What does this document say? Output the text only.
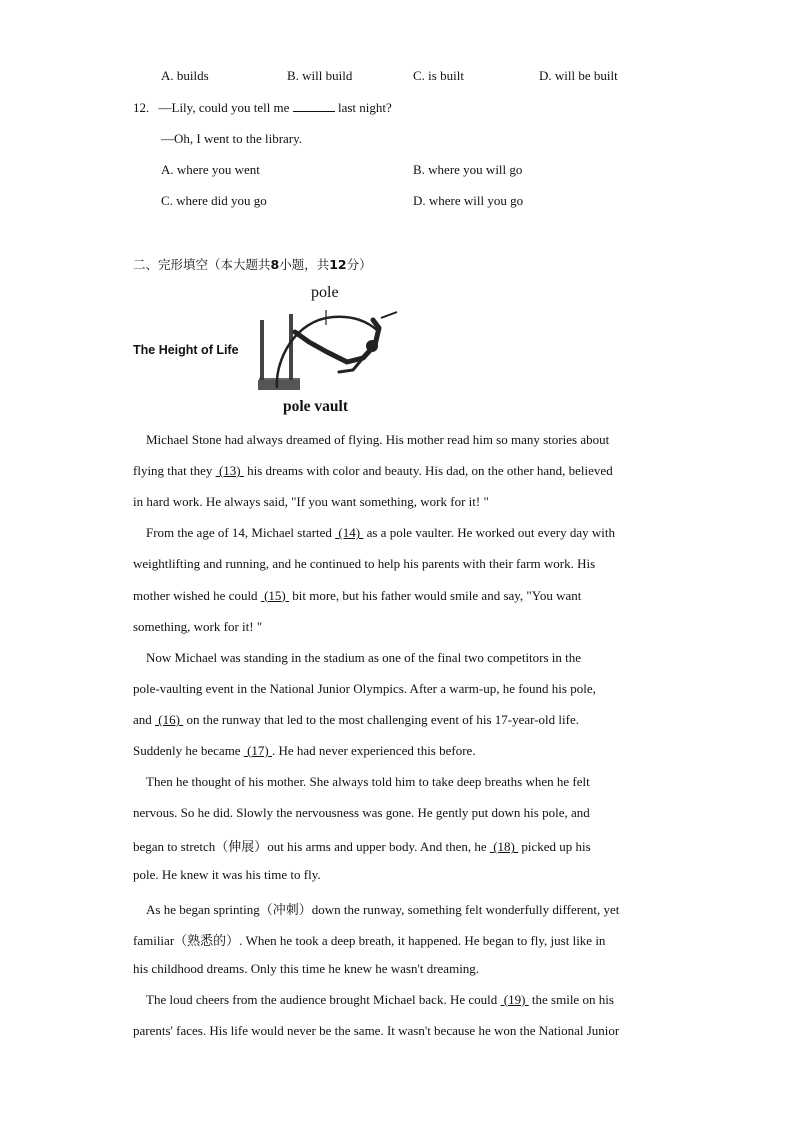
A. builds	B. will build	C. is built	D. will be built
12. —Lily, could you tell me	last night?
—Oh, I went to the library.
A. where you went	B. where you will go
C. where did you go	D. where will you go
二、完形填空（本大题共8小题，共12分）
The Height of Life
pole
pole vault
Michael Stone had always dreamed of flying. His mother read him so many stories about
flying that they  (13)  his dreams with color and beauty. His dad, on the other hand, believed
in hard work. He always said, "If you want something, work for it! "
From the age of 14, Michael started  (14)  as a pole vaulter. He worked out every day with
weightlifting and running, and he continued to help his parents with their farm work. His
mother wished he could  (15)  bit more, but his father would smile and say, "You want
something, work for it! "
Now Michael was standing in the stadium as one of the final two competitors in the
pole-vaulting event in the National Junior Olympics. After a warm-up, he found his pole,
and  (16)  on the runway that led to the most challenging event of his 17-year-old life.
Suddenly he became  (17) . He had never experienced this before.
Then he thought of his mother. She always told him to take deep breaths when he felt
nervous. So he did. Slowly the nervousness was gone. He gently put down his pole, and
began to stretch（伸展）out his arms and upper body. And then, he  (18)  picked up his
pole. He knew it was his time to fly.
As he began sprinting（冲刺）down the runway, something felt wonderfully different, yet
familiar（熟悉的）. When he took a deep breath, it happened. He began to fly, just like in
his childhood dreams. Only this time he knew he wasn't dreaming.
The loud cheers from the audience brought Michael back. He could  (19)  the smile on his
parents' faces. His life would never be the same. It wasn't because he won the National Junior
